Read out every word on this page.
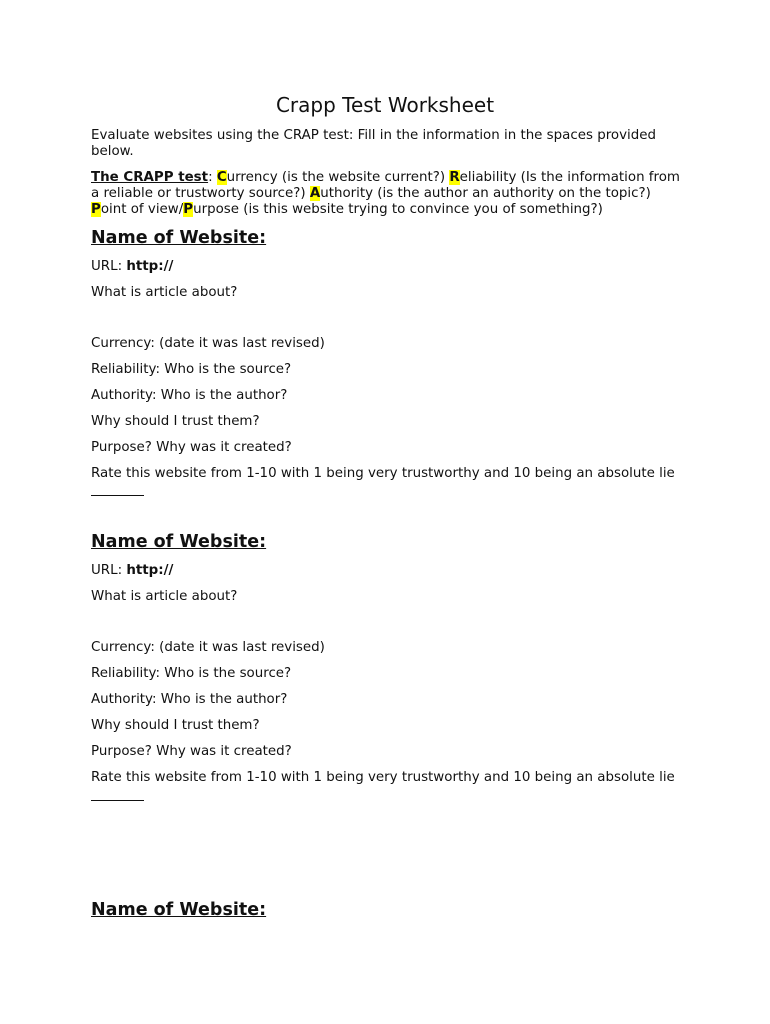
Crapp Test Worksheet
Evaluate websites using the CRAP test: Fill in the information in the spaces provided below.
The CRAPP test: Currency (is the website current?) Reliability (Is the information from a reliable or trustworty source?) Authority (is the author an authority on the topic?) Point of view/Purpose (is this website trying to convince you of something?)
Name of Website:
URL: http://
What is article about?
Currency: (date it was last revised)
Reliability: Who is the source?
Authority: Who is the author?
Why should I trust them?
Purpose? Why was it created?
Rate this website from 1-10 with 1 being very trustworthy and 10 being an absolute lie
Name of Website:
URL: http://
What is article about?
Currency: (date it was last revised)
Reliability: Who is the source?
Authority: Who is the author?
Why should I trust them?
Purpose? Why was it created?
Rate this website from 1-10 with 1 being very trustworthy and 10 being an absolute lie
Name of Website:
